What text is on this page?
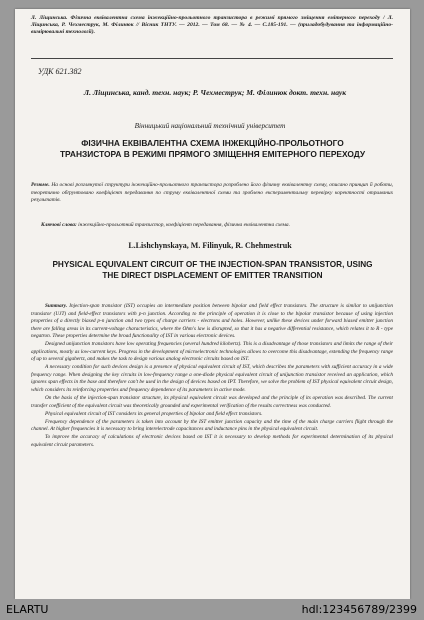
Л. Ліщинська. Фізична еквівалентна схема інжекційно-прольотного транзистора в режимі прямого зміщення емітерного переходу / Л. Ліщинська, Р. Чехместрук, М. Філинюк // Вісник ТНТУ. — 2012. — Том 68. — № 4. — С.185-191. — (приладобудування та інформаційно-вимірювальні технології).
УДК 621.382
Л. Ліщинська, канд. техн. наук; Р. Чехместрук; М. Філинюк докт. техн. наук
Вінницький національний технічний університет
ФІЗИЧНА ЕКВІВАЛЕНТНА СХЕМА ІНЖЕКЦІЙНО-ПРОЛЬОТНОГО ТРАНЗИСТОРА В РЕЖИМІ ПРЯМОГО ЗМІЩЕННЯ ЕМІТЕРНОГО ПЕРЕХОДУ
Резюме. На основі розглянутої структури інжекційно-прольотного транзистора розроблено його фізичну еквівалентну схему, описано принцип її роботи, теоретично обґрунтовано коефіцієнт передавання по струму еквівалентної схеми та зроблено експериментальну перевірку коректності отриманих результатів.
Ключові слова: інжекційно-прольотний транзистор, коефіцієнт передавання, фізична еквівалентна схема.
L.Lishchynskaya, M. Filinyuk, R. Chehmestruk
PHYSICAL EQUIVALENT CIRCUIT OF THE INJECTION-SPAN TRANSISTOR, USING THE DIRECT DISPLACEMENT OF EMITTER TRANSITION

Summary. Injection-span transistor (IST) occupies an intermediate position between bipolar and field effect transistors. The structure is similar to unijunction transistor (UJT) and field-effect transistors with p-n junction. According to the principle of operation it is close to the bipolar transistor because of using injection properties of a directly biased p-n junction and two types of charge carriers - electrons and holes. However, unlike these devices under forward biased emitter junction there are falling areas in its current-voltage characteristics, where the Ohm's law is disrupted, so that it has a negative differential resistance, which relates it to R - type negatron. These properties determine the broad functionality of IST in various electronic devices.

Designed unijunction transistors have low operating frequencies (several hundred kilohertz). This is a disadvantage of those transistors and limits the range of their applications, mostly as low-current keys. Progress in the development of microelectronic technologies allows to overcome this disadvantage, extending the frequency range of up to several gigahertz, and makes the task to design various analog electronic circuits based on IST.

A necessary condition for such devices design is a presence of physical equivalent circuit of IST, which describes the parameters with sufficient accuracy in a wide frequency range. When designing the key circuits in low-frequency range a one-diode physical equivalent circuit of unijunction transistor received an application, which ignores span effects in the base and therefore can't be used in the design of devices based on IPT. Therefore, we solve the problem of IST physical equivalent circuit design, which considers its reinforcing properties and frequency dependence of its parameters in active mode.

On the basis of the injection-span transistor structure, its physical equivalent circuit was developed and the principle of its operation was described. The current transfer coefficient of the equivalent circuit was theoretically grounded and experimental verification of the results correctness was conducted.

Physical equivalent circuit of IST considers its general properties of bipolar and field effect transistors.

Frequency dependence of the parameters is taken into account by the IST emitter junction capacity and the time of the main charge carriers flight through the channel. At higher frequencies it is necessary to bring interelectrode capacitances and inductance pins in the physical equivalent circuit.

To improve the accuracy of calculations of electronic devices based on IST it is necessary to develop methods for experimental determination of its physical equivalent circuit parameters.

ELARTU	hdl:123456789/2399
